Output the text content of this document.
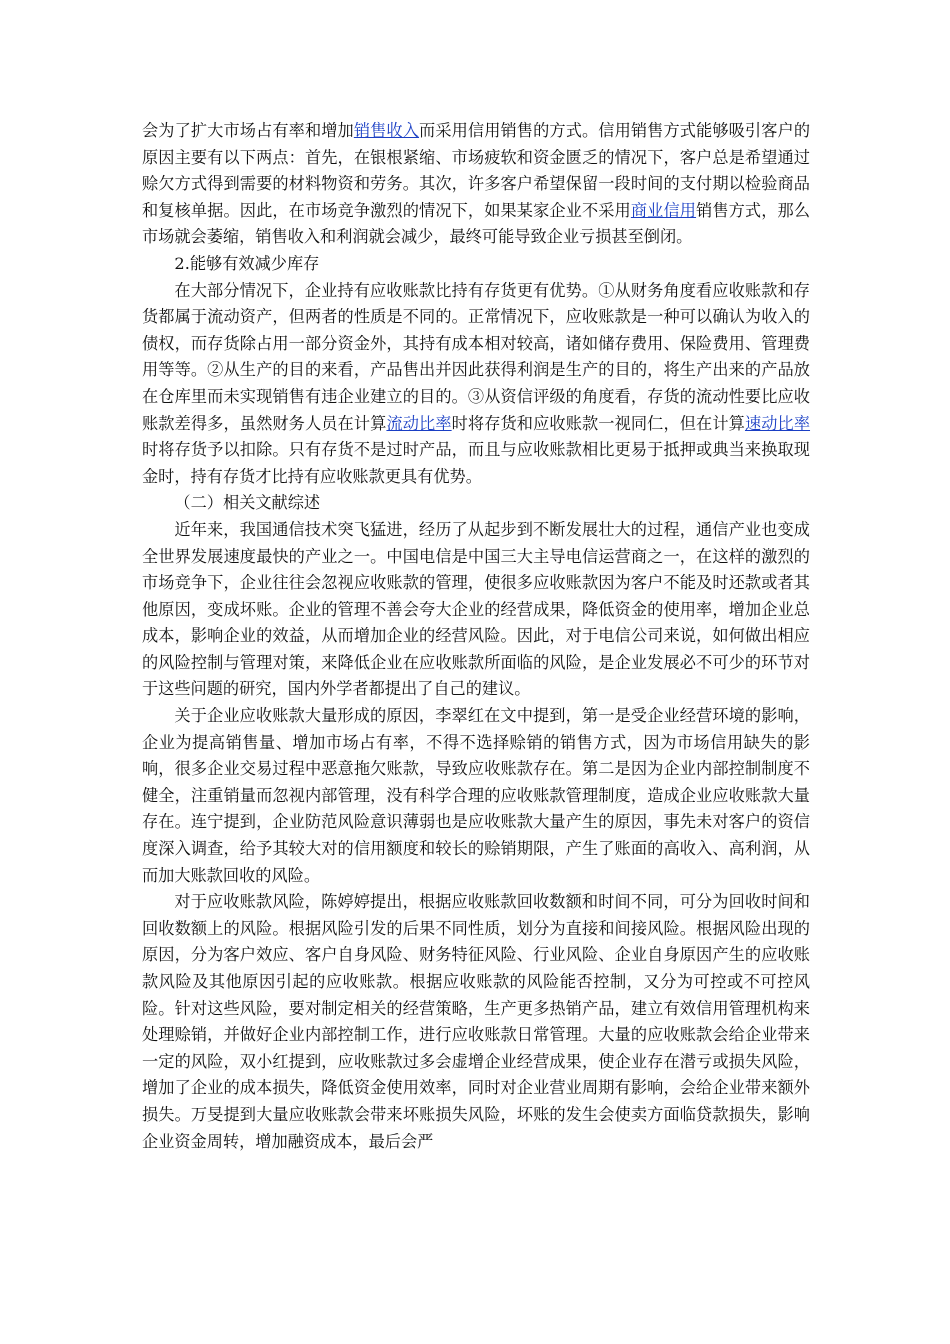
会为了扩大市场占有率和增加销售收入而采用信用销售的方式。信用销售方式能够吸引客户的原因主要有以下两点：首先，在银根紧缩、市场疲软和资金匮乏的情况下，客户总是希望通过赊欠方式得到需要的材料物资和劳务。其次，许多客户希望保留一段时间的支付期以检验商品和复核单据。因此，在市场竞争激烈的情况下，如果某家企业不采用商业信用销售方式，那么市场就会萎缩，销售收入和利润就会减少，最终可能导致企业亏损甚至倒闭。

2.能够有效减少库存

在大部分情况下，企业持有应收账款比持有存货更有优势。①从财务角度看应收账款和存货都属于流动资产，但两者的性质是不同的。正常情况下，应收账款是一种可以确认为收入的债权，而存货除占用一部分资金外，其持有成本相对较高，诸如储存费用、保险费用、管理费用等等。②从生产的目的来看，产品售出并因此获得利润是生产的目的，将生产出来的产品放在仓库里而未实现销售有违企业建立的目的。③从资信评级的角度看，存货的流动性要比应收账款差得多，虽然财务人员在计算流动比率时将存货和应收账款一视同仁，但在计算速动比率时将存货予以扣除。只有存货不是过时产品，而且与应收账款相比更易于抵押或典当来换取现金时，持有存货才比持有应收账款更具有优势。

（二）相关文献综述

近年来，我国通信技术突飞猛进，经历了从起步到不断发展壮大的过程，通信产业也变成全世界发展速度最快的产业之一。中国电信是中国三大主导电信运营商之一，在这样的激烈的市场竞争下，企业往往会忽视应收账款的管理，使很多应收账款因为客户不能及时还款或者其他原因，变成坏账。企业的管理不善会夸大企业的经营成果，降低资金的使用率，增加企业总成本，影响企业的效益，从而增加企业的经营风险。因此，对于电信公司来说，如何做出相应的风险控制与管理对策，来降低企业在应收账款所面临的风险，是企业发展必不可少的环节对于这些问题的研究，国内外学者都提出了自己的建议。

关于企业应收账款大量形成的原因，李翠红在文中提到，第一是受企业经营环境的影响，企业为提高销售量、增加市场占有率，不得不选择赊销的销售方式，因为市场信用缺失的影响，很多企业交易过程中恶意拖欠账款，导致应收账款存在。第二是因为企业内部控制制度不健全，注重销量而忽视内部管理，没有科学合理的应收账款管理制度，造成企业应收账款大量存在。连宁提到，企业防范风险意识薄弱也是应收账款大量产生的原因，事先未对客户的资信度深入调查，给予其较大对的信用额度和较长的赊销期限，产生了账面的高收入、高利润，从而加大账款回收的风险。

对于应收账款风险，陈婷婷提出，根据应收账款回收数额和时间不同，可分为回收时间和回收数额上的风险。根据风险引发的后果不同性质，划分为直接和间接风险。根据风险出现的原因，分为客户效应、客户自身风险、财务特征风险、行业风险、企业自身原因产生的应收账款风险及其他原因引起的应收账款。根据应收账款的风险能否控制，又分为可控或不可控风险。针对这些风险，要对制定相关的经营策略，生产更多热销产品，建立有效信用管理机构来处理赊销，并做好企业内部控制工作，进行应收账款日常管理。大量的应收账款会给企业带来一定的风险，双小红提到，应收账款过多会虚增企业经营成果，使企业存在潜亏或损失风险，增加了企业的成本损失，降低资金使用效率，同时对企业营业周期有影响，会给企业带来额外损失。万旻提到大量应收账款会带来坏账损失风险，坏账的发生会使卖方面临贷款损失，影响企业资金周转，增加融资成本，最后会严
